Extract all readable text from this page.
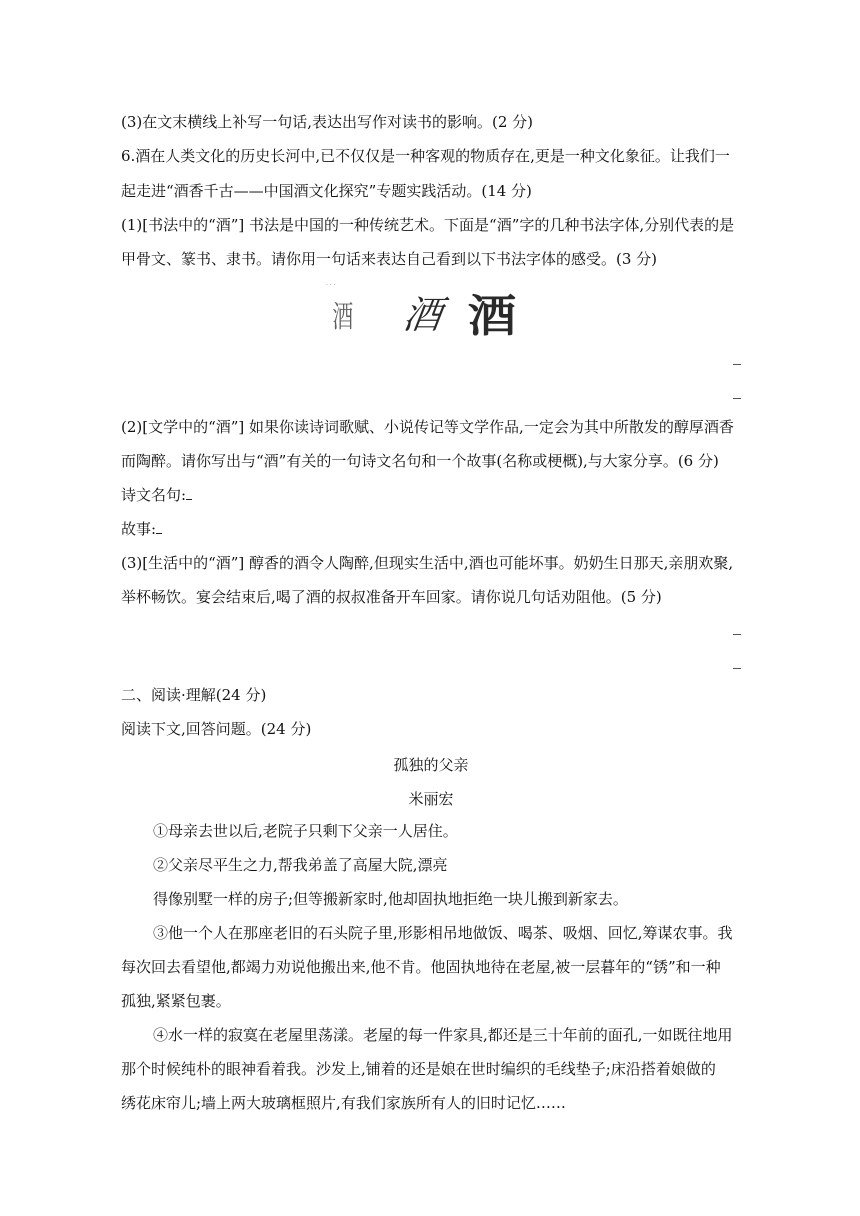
(3)在文末横线上补写一句话,表达出写作对读书的影响。(2 分)
6.酒在人类文化的历史长河中,已不仅仅是一种客观的物质存在,更是一种文化象征。让我们一
起走进“酒香千古——中国酒文化探究”专题实践活动。(14 分)
(1)[书法中的“酒”] 书法是中国的一种传统艺术。下面是“酒”字的几种书法字体,分别代表的是
甲骨文、篆书、隶书。请你用一句话来表达自己看到以下书法字体的感受。(3 分)
· · ·
酒 酒 酒
(2)[文学中的“酒”] 如果你读诗词歌赋、小说传记等文学作品,一定会为其中所散发的醇厚酒香
而陶醉。请你写出与“酒”有关的一句诗文名句和一个故事(名称或梗概),与大家分享。(6 分)
诗文名句:
故事:
(3)[生活中的“酒”] 醇香的酒令人陶醉,但现实生活中,酒也可能坏事。奶奶生日那天,亲朋欢聚,
举杯畅饮。宴会结束后,喝了酒的叔叔准备开车回家。请你说几句话劝阻他。(5 分)
二、阅读·理解(24 分)
阅读下文,回答问题。(24 分)
孤独的父亲
米丽宏
①母亲去世以后,老院子只剩下父亲一人居住。
②父亲尽平生之力,帮我弟盖了高屋大院,漂亮
得像别墅一样的房子;但等搬新家时,他却固执地拒绝一块儿搬到新家去。
③他一个人在那座老旧的石头院子里,形影相吊地做饭、喝茶、吸烟、回忆,筹谋农事。我
每次回去看望他,都竭力劝说他搬出来,他不肯。他固执地待在老屋,被一层暮年的“锈”和一种
孤独,紧紧包裹。
④水一样的寂寞在老屋里荡漾。老屋的每一件家具,都还是三十年前的面孔,一如既往地用
那个时候纯朴的眼神看着我。沙发上,铺着的还是娘在世时编织的毛线垫子;床沿搭着娘做的
绣花床帘儿;墙上两大玻璃框照片,有我们家族所有人的旧时记忆……
